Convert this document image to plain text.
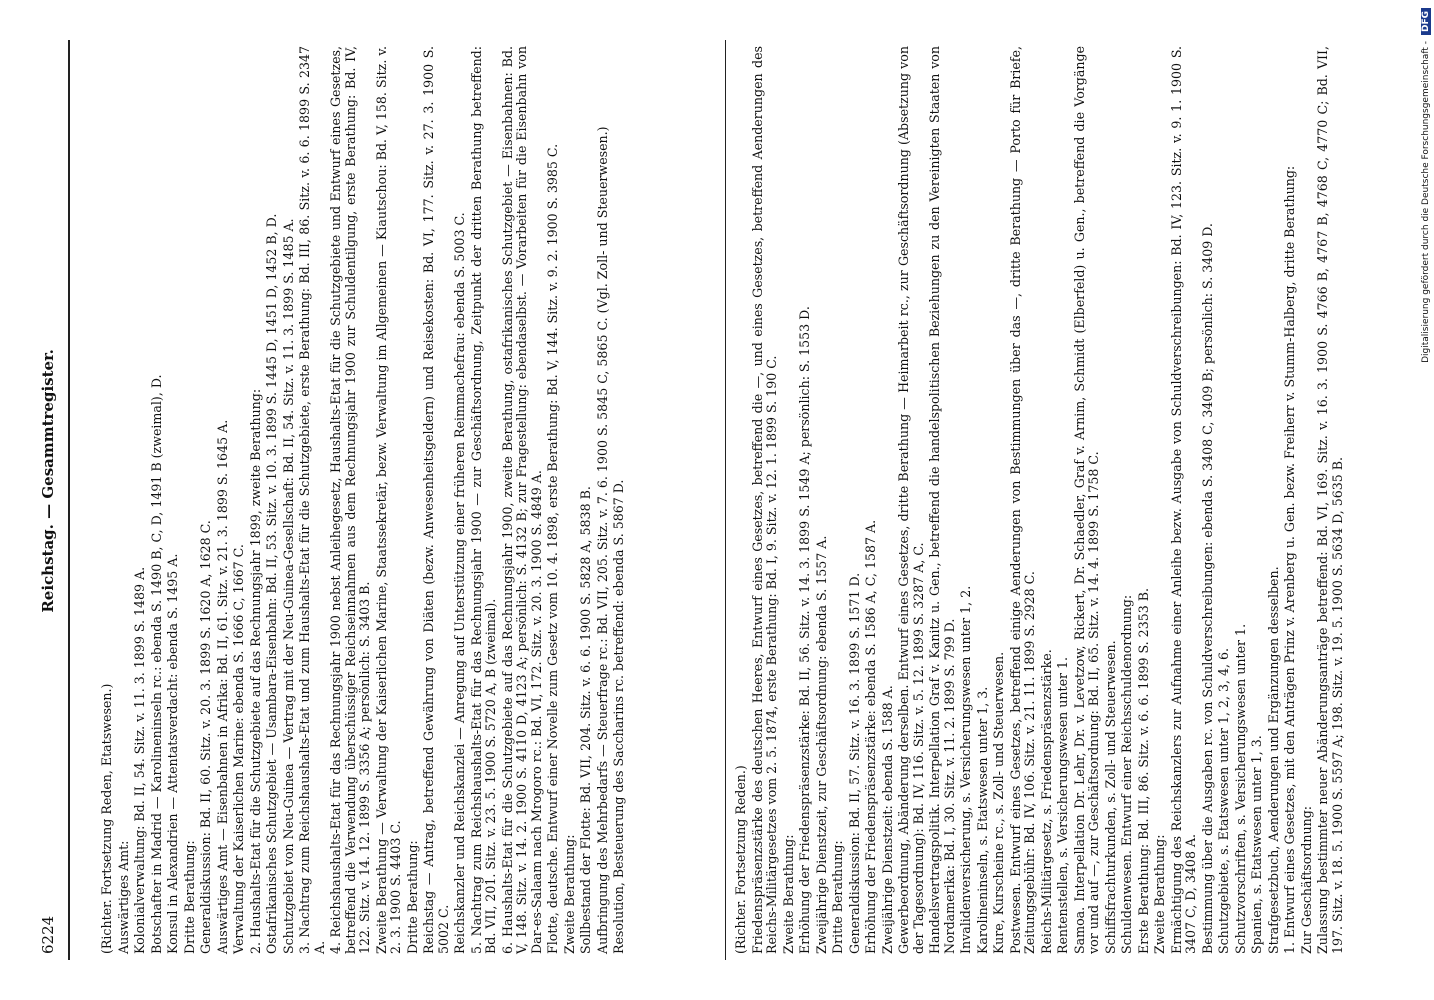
6224
Reichstag. — Gesammtregister.

(Richter. Fortsetzung Reden, Etatswesen.) Auswärtiges Amt: Kolonialverwaltung: Bd. II, 54. Sitz. v. 11. 3. 1899 S. 1489 A. Botschafter in Madrid — Karolineninseln rc.: ebenda S. 1490 B, C, D, 1491 B (zweimal), D. Konsul in Alexandrien — Attentatsverdacht: ebenda S. 1495 A. Dritte Berathung: Generaldiskussion: Bd. II, 60. Sitz. v. 20. 3. 1899 S. 1620 A, 1628 C. Auswärtiges Amt — Eisenbahnen in Afrika: Bd. II, 61. Sitz. v. 21. 3. 1899 S. 1645 A. Verwaltung der Kaiserlichen Marine: ebenda S. 1666 C, 1667 C. 2. Haushalts-Etat für die Schutzgebiete auf das Rechnungsjahr 1899, zweite Berathung: Ostafrikanisches Schutzgebiet — Usambara-Eisenbahn: Bd. II, 53. Sitz. v. 10. 3. 1899 S. 1445 D, 1451 D, 1452 B, D. Schutzgebiet von Neu-Guinea — Vertrag mit der Neu-Guinea-Gesellschaft: Bd. II, 54. Sitz. v. 11. 3. 1899 S. 1485 A. 3. Nachtrag zum Reichshaushalts-Etat und zum Haushalts-Etat für die Schutzgebiete, erste Berathung: Bd. III, 86. Sitz. v. 6. 6. 1899 S. 2347 A. 4. Reichshaushalts-Etat für das Rechnungsjahr 1900 nebst Anleihegesetz, Haushalts-Etat für die Schutzgebiete und Entwurf eines Gesetzes, betreffend die Verwendung überschüssiger Reichseinnahmen aus dem Rechnungsjahr 1900 zur Schuldentilgung, erste Berathung: Bd. IV, 122. Sitz. v. 14. 12. 1899 S. 3356 A; persönlich: S. 3403 B. Zweite Berathung — Verwaltung der Kaiserlichen Marine, Staatssekretär, bezw. Verwaltung im Allgemeinen — Kiautschou: Bd. V, 158. Sitz. v. 2. 3. 1900 S. 4403 C. Dritte Berathung: Reichstag — Antrag, betreffend Gewährung von Diäten (bezw. Anwesenheitsgeldern) und Reisekosten: Bd. VI, 177. Sitz. v. 27. 3. 1900 S. 5002 C. Reichskanzler und Reichskanzlei — Anregung auf Unterstützung einer früheren Reimmachefrau: ebenda S. 5003 C. 5. Nachtrag zum Reichshaushalts-Etat für das Rechnungsjahr 1900 — zur Geschäftsordnung, Zeitpunkt der dritten Berathung betreffend: Bd. VII, 201. Sitz. v. 23. 5. 1900 S. 5720 A, B (zweimal). 6. Haushalts-Etat für die Schutzgebiete auf das Rechnungsjahr 1900, zweite Berathung, ostafrikanisches Schutzgebiet — Eisenbahnen: Bd. V, 148. Sitz. v. 14. 2. 1900 S. 4110 D, 4123 A; persönlich: S. 4132 B; zur Fragestellung: ebendaselbst. — Vorarbeiten für die Eisenbahn von Dar-es-Salaam nach Mrogoro rc.: Bd. VI, 172. Sitz. v. 20. 3. 1900 S. 4849 A. Flotte, deutsche. Entwurf einer Novelle zum Gesetz vom 10. 4. 1898, erste Berathung: Bd. V, 144. Sitz. v. 9. 2. 1900 S. 3985 C. Zweite Berathung: Sollbestand der Flotte: Bd. VII, 204. Sitz. v. 6. 6. 1900 S. 5828 A, 5838 B. Aufbringung des Mehrbedarfs — Steuerfrage rc.: Bd. VII, 205. Sitz. v. 7. 6. 1900 S. 5845 C, 5865 C. (Vgl. Zoll- und Steuerwesen.) Resolution, Besteuerung des Saccharins rc. betreffend: ebenda S. 5867 D.	(Richter. Fortsetzung Reden.) Friedenspräsenzstärke des deutschen Heeres, Entwurf eines Gesetzes, betreffend die —, und eines Gesetzes, betreffend Aenderungen des Reichs-Militärgesetzes vom 2. 5. 1874, erste Berathung: Bd. I, 9. Sitz. v. 12. 1. 1899 S. 190 C. Zweite Berathung: Erhöhung der Friedenspräsenzstärke: Bd. II, 56. Sitz. v. 14. 3. 1899 S. 1549 A; persönlich: S. 1553 D. Zweijährige Dienstzeit, zur Geschäftsordnung: ebenda S. 1557 A. Dritte Berathung: Generaldiskussion: Bd. II, 57. Sitz. v. 16. 3. 1899 S. 1571 D. Erhöhung der Friedenspräsenzstärke: ebenda S. 1586 A, C, 1587 A. Zweijährige Dienstzeit: ebenda S. 1588 A. Gewerbeordnung, Abänderung derselben. Entwurf eines Gesetzes, dritte Berathung — Heimarbeit rc., zur Geschäftsordnung (Absetzung von der Tagesordnung): Bd. IV, 116. Sitz. v. 5. 12. 1899 S. 3287 A, C. Handelsvertragspolitik. Interpellation Graf v. Kanitz u. Gen., betreffend die handelspolitischen Beziehungen zu den Vereinigten Staaten von Nordamerika: Bd. I, 30. Sitz. v. 11. 2. 1899 S. 799 D. Invalidenversicherung, s. Versicherungswesen unter 1, 2. Karolineninseln, s. Etatswesen unter 1, 3. Kure, Kurscheine rc., s. Zoll- und Steuerwesen. Postwesen. Entwurf eines Gesetzes, betreffend einige Aenderungen von Bestimmungen über das —, dritte Berathung — Porto für Briefe, Zeitungsgebühr: Bd. IV, 106. Sitz. v. 21. 11. 1899 S. 2928 C. Reichs-Militärgesetz, s. Friedenspräsenzstärke. Rentenstellen, s. Versicherungswesen unter 1. Samoa. Interpellation Dr. Lehr, Dr. v. Levetzow, Rickert, Dr. Schaedler, Graf v. Arnim, Schmidt (Elberfeld) u. Gen., betreffend die Vorgänge vor und auf —, zur Geschäftsordnung: Bd. II, 65. Sitz. v. 14. 4. 1899 S. 1758 C. Schiffsfrachturkunden, s. Zoll- und Steuerwesen. Schuldenwesen. Entwurf einer Reichsschuldenordnung: Erste Berathung: Bd. III, 86. Sitz. v. 6. 6. 1899 S. 2353 B. Zweite Berathung: Ermächtigung des Reichskanzlers zur Aufnahme einer Anleihe bezw. Ausgabe von Schuldverschreibungen: Bd. IV, 123. Sitz. v. 9. 1. 1900 S. 3407 C, D, 3408 A. Bestimmung über die Ausgaben rc. von Schuldverschreibungen: ebenda S. 3408 C, 3409 B; persönlich: S. 3409 D. Schutzgebiete, s. Etatswesen unter 1, 2, 3, 4, 6. Schutzvorschriften, s. Versicherungswesen unter 1. Spanien, s. Etatswesen unter 1, 3. Strafgesetzbuch, Aenderungen und Ergänzungen desselben. 1. Entwurf eines Gesetzes, mit den Anträgen Prinz v. Arenberg u. Gen. bezw. Freiherr v. Stumm-Halberg, dritte Berathung: Zur Geschäftsordnung: Zulassung bestimmter neuer Abänderungsanträge betreffend: Bd. VI, 169. Sitz. v. 16. 3. 1900 S. 4766 B, 4767 B, 4768 C, 4770 C; Bd. VII, 197. Sitz. v. 18. 5. 1900 S. 5597 A; 198. Sitz. v. 19. 5. 1900 S. 5634 D, 5635 B.

Digitalisierung gefördert durch die Deutsche Forschungsgemeinschaft -
DFG
